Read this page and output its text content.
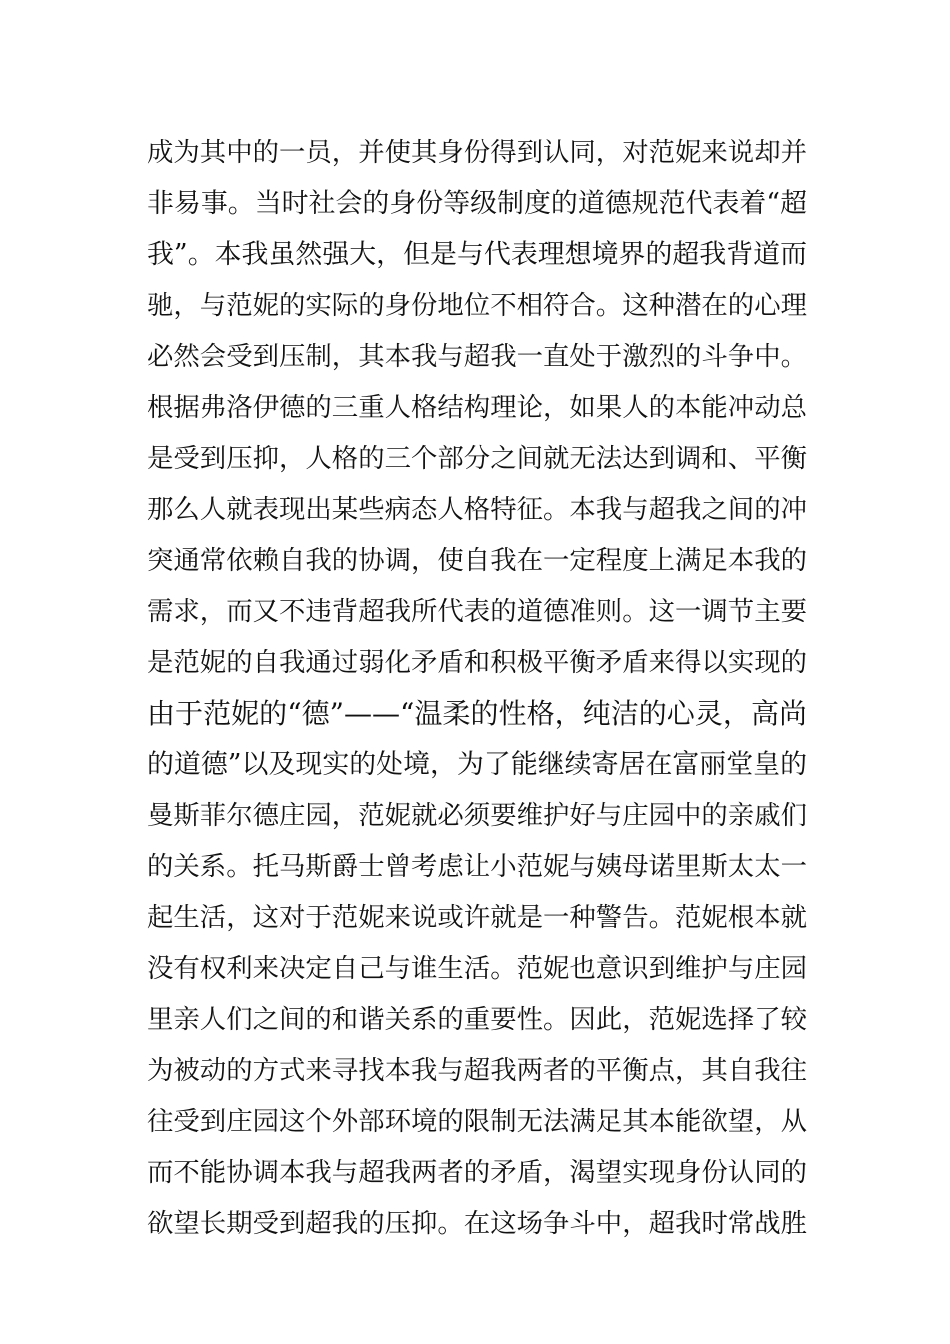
成为其中的一员，并使其身份得到认同，对范妮来说却并
非易事。当时社会的身份等级制度的道德规范代表着“超
我”。本我虽然强大，但是与代表理想境界的超我背道而
驰，与范妮的实际的身份地位不相符合。这种潜在的心理
必然会受到压制，其本我与超我一直处于激烈的斗争中。
根据弗洛伊德的三重人格结构理论，如果人的本能冲动总
是受到压抑，人格的三个部分之间就无法达到调和、平衡
那么人就表现出某些病态人格特征。本我与超我之间的冲
突通常依赖自我的协调，使自我在一定程度上满足本我的
需求，而又不违背超我所代表的道德准则。这一调节主要
是范妮的自我通过弱化矛盾和积极平衡矛盾来得以实现的
由于范妮的“德”——“温柔的性格，纯洁的心灵，高尚
的道德”以及现实的处境，为了能继续寄居在富丽堂皇的
曼斯菲尔德庄园，范妮就必须要维护好与庄园中的亲戚们
的关系。托马斯爵士曾考虑让小范妮与姨母诺里斯太太一
起生活，这对于范妮来说或许就是一种警告。范妮根本就
没有权利来决定自己与谁生活。范妮也意识到维护与庄园
里亲人们之间的和谐关系的重要性。因此，范妮选择了较
为被动的方式来寻找本我与超我两者的平衡点，其自我往
往受到庄园这个外部环境的限制无法满足其本能欲望，从
而不能协调本我与超我两者的矛盾，渴望实现身份认同的
欲望长期受到超我的压抑。在这场争斗中，超我时常战胜
